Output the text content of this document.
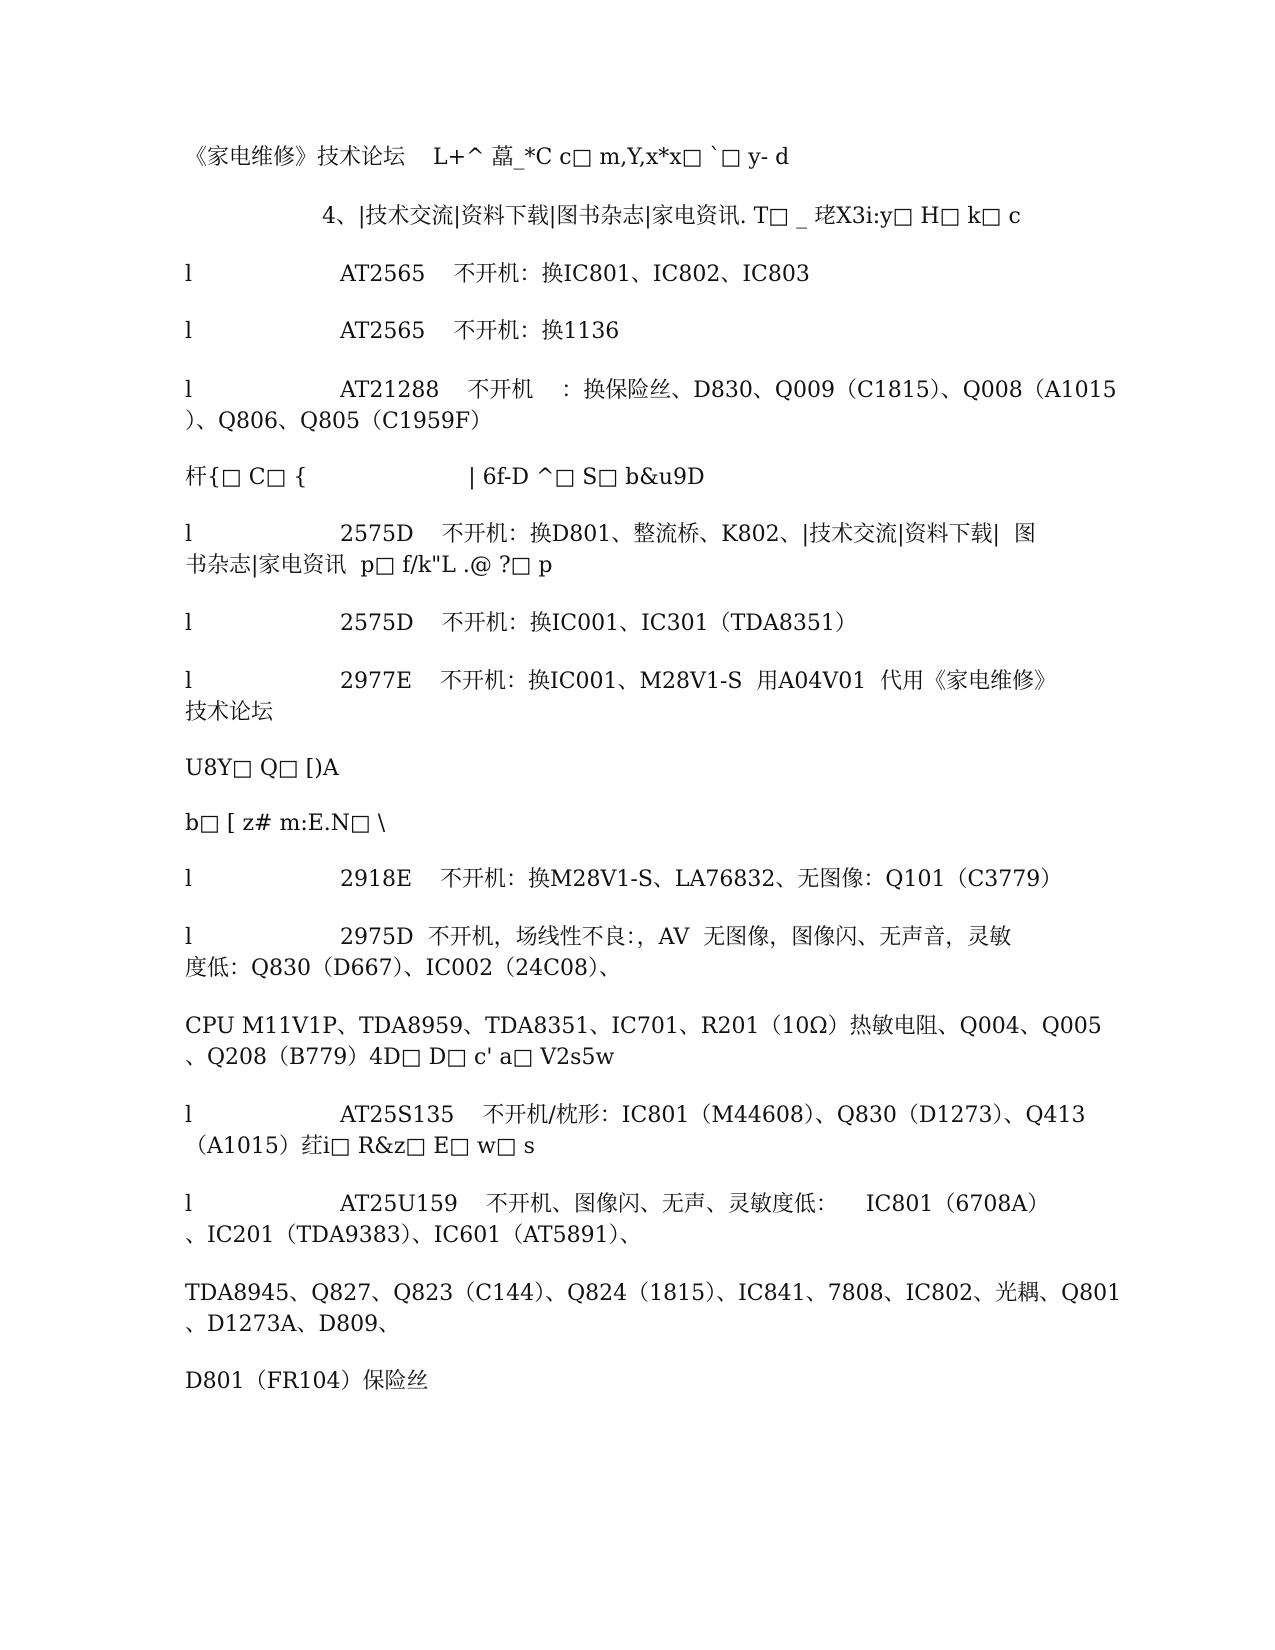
《家电维修》技术论坛    L+^ 藠_*C c□ m,Y,x*x□ `□ y- d

4、|技术交流|资料下载|图书杂志|家电资讯. T□ _ 珯X3i:y□ H□ k□ c

l	AT2565    不开机：换IC801、IC802、IC803

l	AT2565    不开机：换1136

l	AT21288    不开机    ：换保险丝、D830、Q009（C1815）、Q008（A1015

）、Q806、Q805（C1959F）

杆{□ C□ {                       | 6f-D ^□ S□ b&u9D

l	2575D    不开机：换D801、整流桥、K802、|技术交流|资料下载|  图

书杂志|家电资讯  p□ f/k"L .@ ?□ p

l	2575D    不开机：换IC001、IC301（TDA8351）

l	2977E    不开机：换IC001、M28V1-S  用A04V01  代用《家电维修》

技术论坛

U8Y□ Q□ [)A

b□ [ z# m:E.N□ \

l	2918E    不开机：换M28V1-S、LA76832、无图像：Q101（C3779）

l	2975D  不开机，场线性不良：，AV  无图像，图像闪、无声音，灵敏

度低：Q830（D667）、IC002（24C08）、

CPU M11V1P、TDA8959、TDA8351、IC701、R201（10Ω）热敏电阻、Q004、Q005

、Q208（B779）4D□ D□ c' a□ V2s5w

l	AT25S135    不开机/枕形：IC801（M44608）、Q830（D1273）、Q413

（A1015）荭i□ R&z□ E□ w□ s

l	AT25U159    不开机、图像闪、无声、灵敏度低：    IC801（6708A）

、IC201（TDA9383）、IC601（AT5891）、

TDA8945、Q827、Q823（C144）、Q824（1815）、IC841、7808、IC802、光耦、Q801

、D1273A、D809、

D801（FR104）保险丝
